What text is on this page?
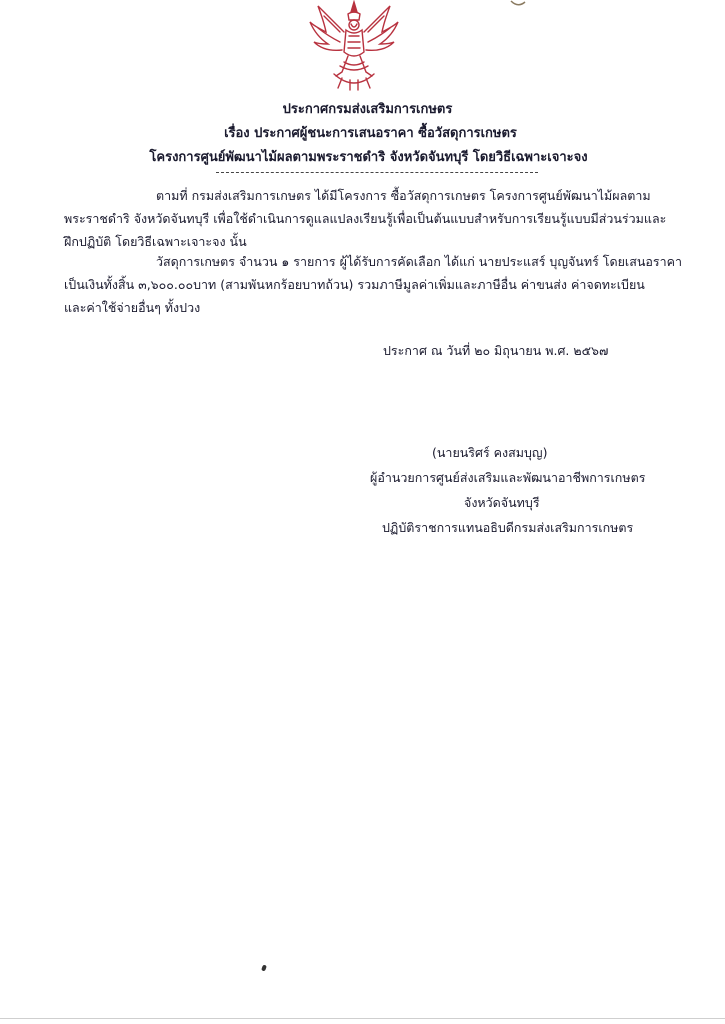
ประกาศกรมส่งเสริมการเกษตร
เรื่อง ประกาศผู้ชนะการเสนอราคา ซื้อวัสดุการเกษตร
โครงการศูนย์พัฒนาไม้ผลตามพระราชดำริ จังหวัดจันทบุรี โดยวิธีเฉพาะเจาะจง
ตามที่ กรมส่งเสริมการเกษตร ได้มีโครงการ ซื้อวัสดุการเกษตร โครงการศูนย์พัฒนาไม้ผลตาม
พระราชดำริ จังหวัดจันทบุรี เพื่อใช้ดำเนินการดูแลแปลงเรียนรู้เพื่อเป็นต้นแบบสำหรับการเรียนรู้แบบมีส่วนร่วมและ
ฝึกปฏิบัติ โดยวิธีเฉพาะเจาะจง นั้น
วัสดุการเกษตร จำนวน ๑ รายการ ผู้ได้รับการคัดเลือก ได้แก่ นายประแสร์ บุญจันทร์ โดยเสนอราคา
เป็นเงินทั้งสิ้น ๓,๖๐๐.๐๐บาท (สามพันหกร้อยบาทถ้วน) รวมภาษีมูลค่าเพิ่มและภาษีอื่น ค่าขนส่ง ค่าจดทะเบียน
และค่าใช้จ่ายอื่นๆ ทั้งปวง
ประกาศ ณ วันที่ ๒๐ มิถุนายน พ.ศ. ๒๕๖๗
(นายนริศร์ คงสมบุญ)
ผู้อำนวยการศูนย์ส่งเสริมและพัฒนาอาชีพการเกษตร
จังหวัดจันทบุรี
ปฏิบัติราชการแทนอธิบดีกรมส่งเสริมการเกษตร
